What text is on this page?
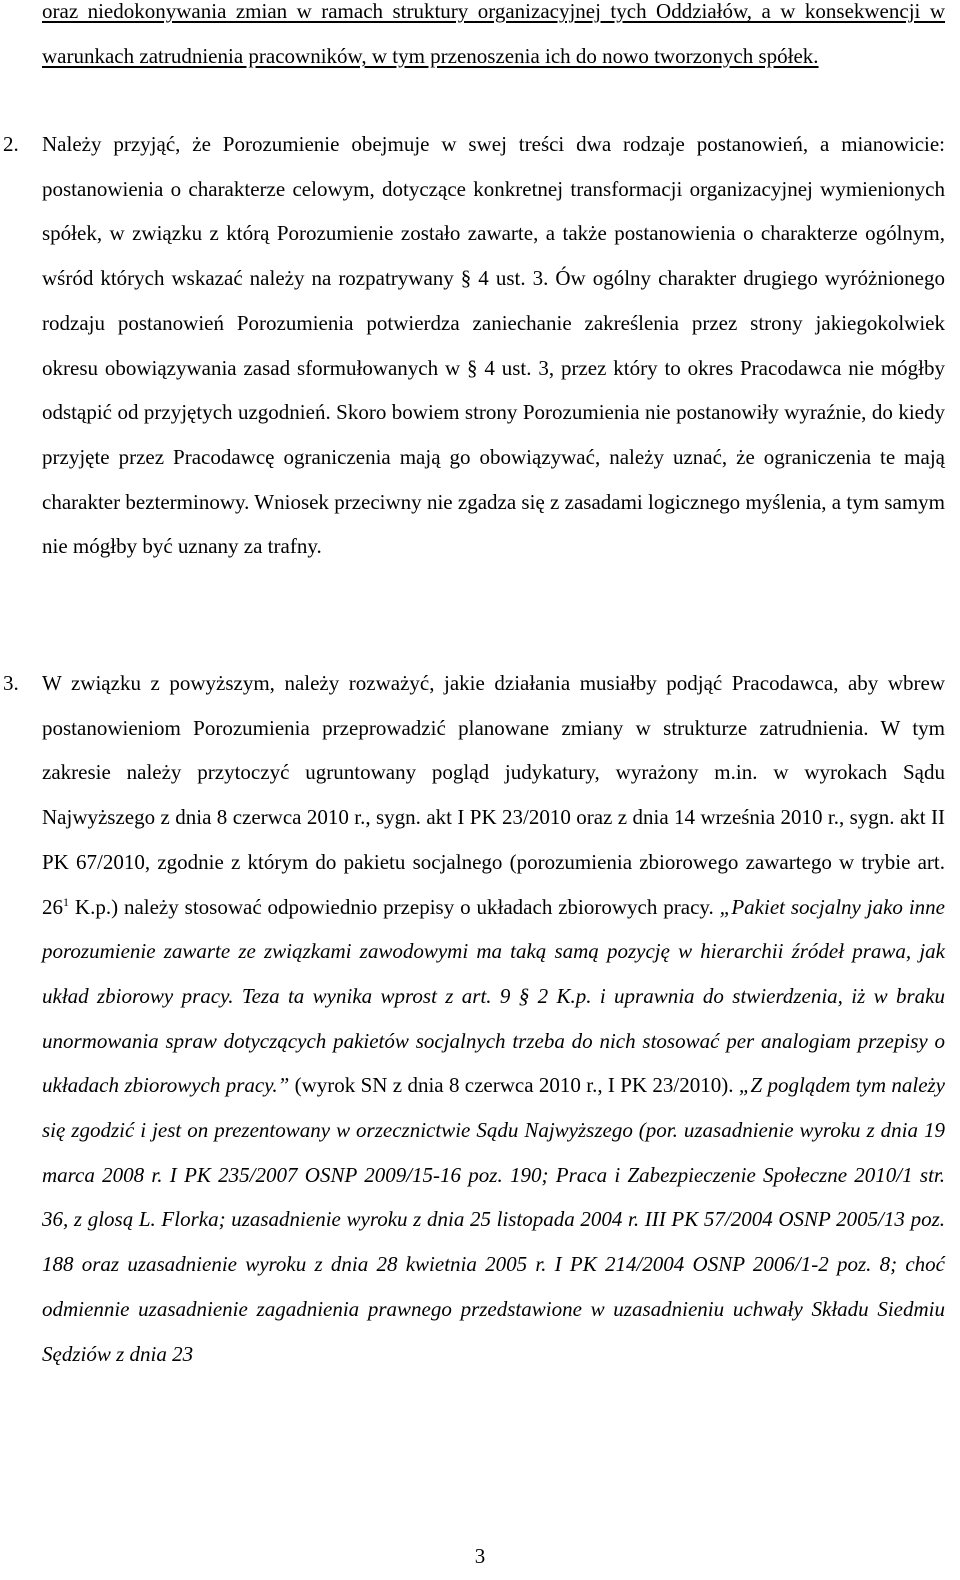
oraz niedokonywania zmian w ramach struktury organizacyjnej tych Oddziałów, a w konsekwencji w warunkach zatrudnienia pracowników, w tym przenoszenia ich do nowo tworzonych spółek.
2. Należy przyjąć, że Porozumienie obejmuje w swej treści dwa rodzaje postanowień, a mianowicie: postanowienia o charakterze celowym, dotyczące konkretnej transformacji organizacyjnej wymienionych spółek, w związku z którą Porozumienie zostało zawarte, a także postanowienia o charakterze ogólnym, wśród których wskazać należy na rozpatrywany § 4 ust. 3. Ów ogólny charakter drugiego wyróżnionego rodzaju postanowień Porozumienia potwierdza zaniechanie zakreślenia przez strony jakiegokolwiek okresu obowiązywania zasad sformułowanych w § 4 ust. 3, przez który to okres Pracodawca nie mógłby odstąpić od przyjętych uzgodnień. Skoro bowiem strony Porozumienia nie postanowiły wyraźnie, do kiedy przyjęte przez Pracodawcę ograniczenia mają go obowiązywać, należy uznać, że ograniczenia te mają charakter bezterminowy. Wniosek przeciwny nie zgadza się z zasadami logicznego myślenia, a tym samym nie mógłby być uznany za trafny.
3. W związku z powyższym, należy rozważyć, jakie działania musiałby podjąć Pracodawca, aby wbrew postanowieniom Porozumienia przeprowadzić planowane zmiany w strukturze zatrudnienia. W tym zakresie należy przytoczyć ugruntowany pogląd judykatury, wyrażony m.in. w wyrokach Sądu Najwyższego z dnia 8 czerwca 2010 r., sygn. akt I PK 23/2010 oraz z dnia 14 września 2010 r., sygn. akt II PK 67/2010, zgodnie z którym do pakietu socjalnego (porozumienia zbiorowego zawartego w trybie art. $26^1$ K.p.) należy stosować odpowiednio przepisy o układach zbiorowych pracy. „Pakiet socjalny jako inne porozumienie zawarte ze związkami zawodowymi ma taką samą pozycję w hierarchii źródeł prawa, jak układ zbiorowy pracy. Teza ta wynika wprost z art. 9 § 2 K.p. i uprawnia do stwierdzenia, iż w braku unormowania spraw dotyczących pakietów socjalnych trzeba do nich stosować per analogiam przepisy o układach zbiorowych pracy.” (wyrok SN z dnia 8 czerwca 2010 r., I PK 23/2010). „Z poglądem tym należy się zgodzić i jest on prezentowany w orzecznictwie Sądu Najwyższego (por. uzasadnienie wyroku z dnia 19 marca 2008 r. I PK 235/2007 OSNP 2009/15-16 poz. 190; Praca i Zabezpieczenie Społeczne 2010/1 str. 36, z glosą L. Florka; uzasadnienie wyroku z dnia 25 listopada 2004 r. III PK 57/2004 OSNP 2005/13 poz. 188 oraz uzasadnienie wyroku z dnia 28 kwietnia 2005 r. I PK 214/2004 OSNP 2006/1-2 poz. 8; choć odmiennie uzasadnienie zagadnienia prawnego przedstawione w uzasadnieniu uchwały Składu Siedmiu Sędziów z dnia 23
3
